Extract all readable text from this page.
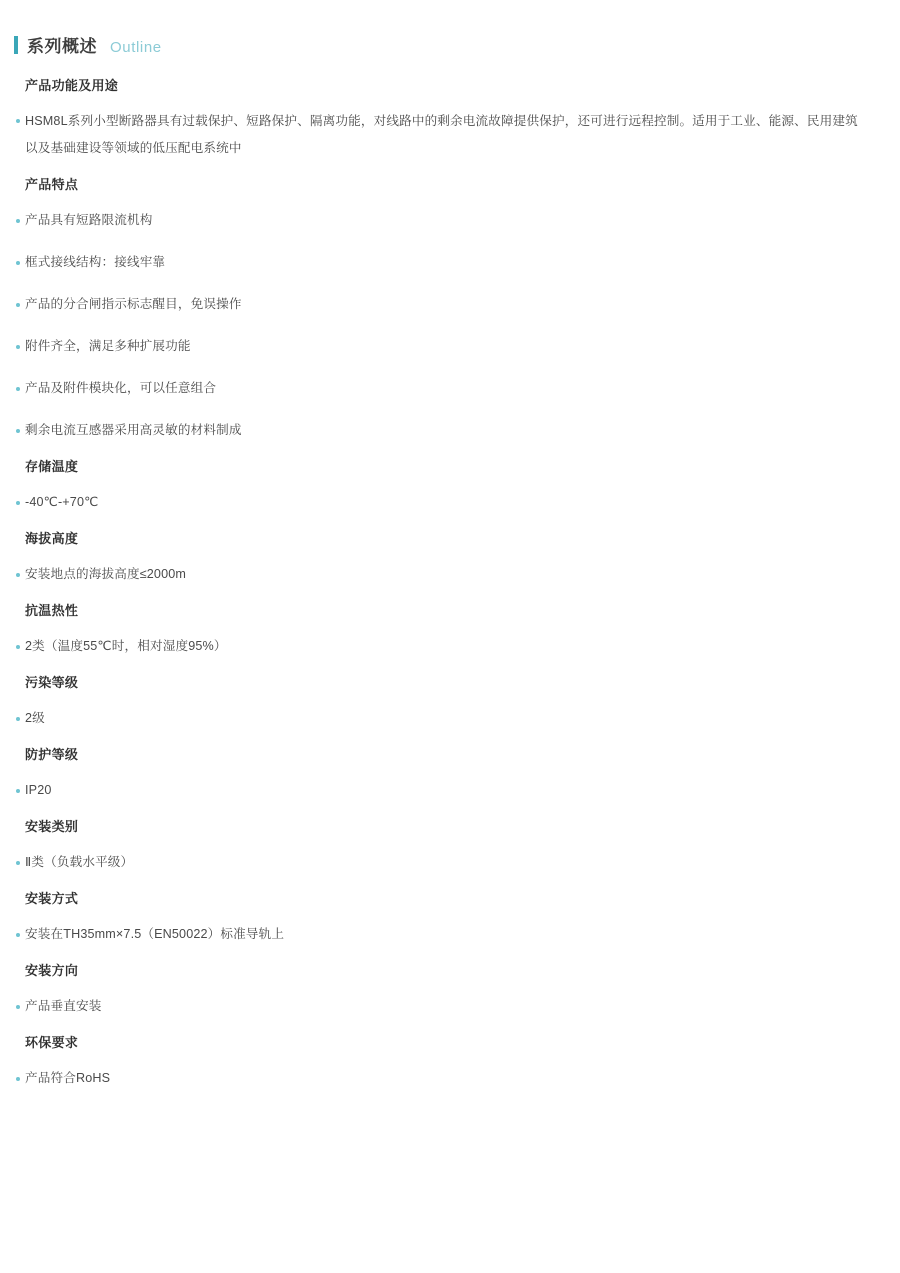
系列概述 Outline
产品功能及用途
HSM8L系列小型断路器具有过载保护、短路保护、隔离功能，对线路中的剩余电流故障提供保护，还可进行远程控制。适用于工业、能源、民用建筑以及基础建设等领域的低压配电系统中
产品特点
产品具有短路限流机构
框式接线结构：接线牢靠
产品的分合闸指示标志醒目，免误操作
附件齐全，满足多种扩展功能
产品及附件模块化，可以任意组合
剩余电流互感器采用高灵敏的材料制成
存储温度
-40℃-+70℃
海拔高度
安装地点的海拔高度≤2000m
抗温热性
2类（温度55℃时，相对湿度95%）
污染等级
2级
防护等级
IP20
安装类别
Ⅱ类（负载水平级）
安装方式
安装在TH35mm×7.5（EN50022）标准导轨上
安装方向
产品垂直安装
环保要求
产品符合RoHS
